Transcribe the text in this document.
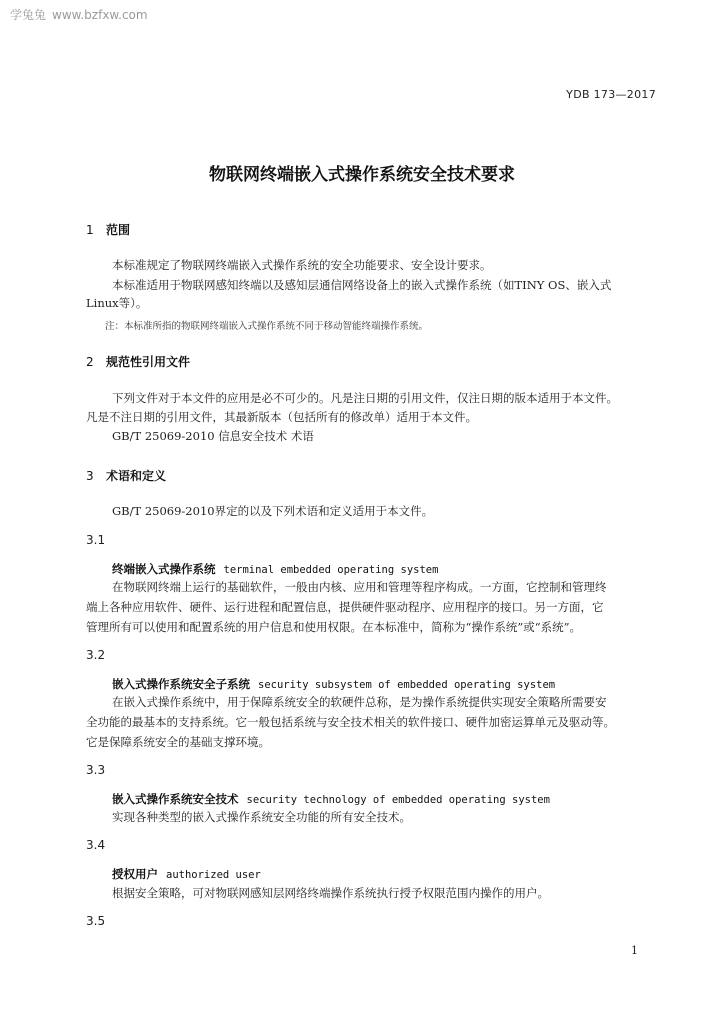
学兔兔 www.bzfxw.com
YDB 173—2017
物联网终端嵌入式操作系统安全技术要求
1 范围

本标准规定了物联网终端嵌入式操作系统的安全功能要求、安全设计要求。

本标准适用于物联网感知终端以及感知层通信网络设备上的嵌入式操作系统（如TINY OS、嵌入式

Linux等）。

注：本标准所指的物联网终端嵌入式操作系统不同于移动智能终端操作系统。

2 规范性引用文件

下列文件对于本文件的应用是必不可少的。凡是注日期的引用文件，仅注日期的版本适用于本文件。

凡是不注日期的引用文件，其最新版本（包括所有的修改单）适用于本文件。

GB/T 25069-2010 信息安全技术 术语

3 术语和定义

GB/T 25069-2010界定的以及下列术语和定义适用于本文件。

3.1
终端嵌入式操作系统 terminal embedded operating system

在物联网终端上运行的基础软件，一般由内核、应用和管理等程序构成。一方面，它控制和管理终

端上各种应用软件、硬件、运行进程和配置信息，提供硬件驱动程序、应用程序的接口。另一方面，它

管理所有可以使用和配置系统的用户信息和使用权限。在本标准中，简称为“操作系统”或“系统”。

3.2
嵌入式操作系统安全子系统 security subsystem of embedded operating system

在嵌入式操作系统中，用于保障系统安全的软硬件总称，是为操作系统提供实现安全策略所需要安

全功能的最基本的支持系统。它一般包括系统与安全技术相关的软件接口、硬件加密运算单元及驱动等。

它是保障系统安全的基础支撑环境。

3.3
嵌入式操作系统安全技术 security technology of embedded operating system

实现各种类型的嵌入式操作系统安全功能的所有安全技术。

3.4
授权用户 authorized user

根据安全策略，可对物联网感知层网络终端操作系统执行授予权限范围内操作的用户。

3.5
1
